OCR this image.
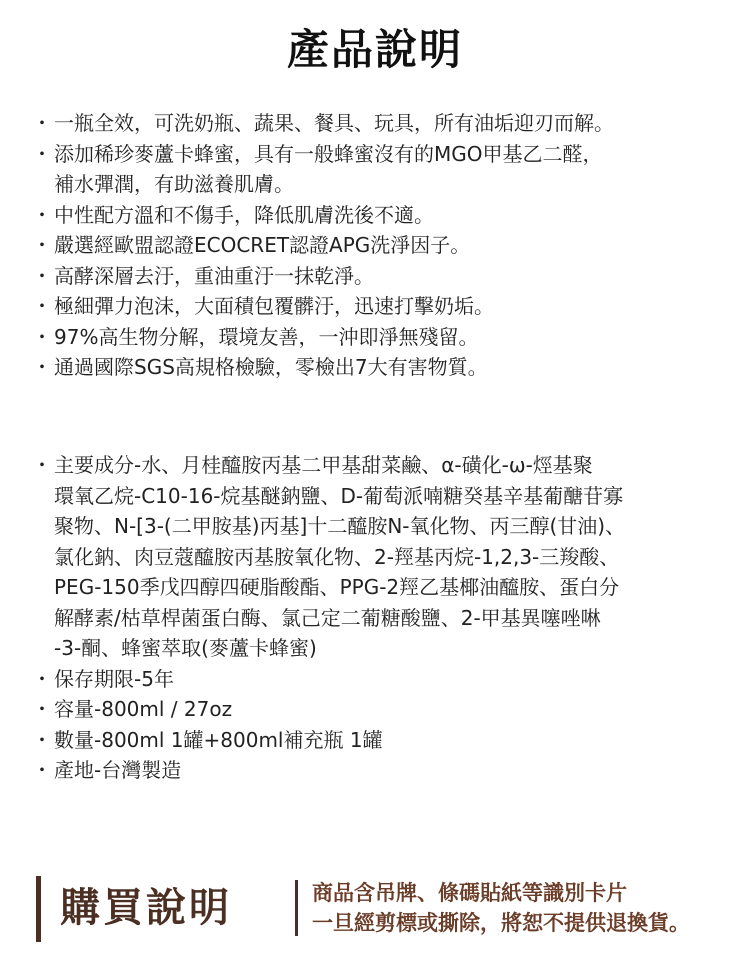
產品說明
・ 一瓶全效，可洗奶瓶、蔬果、餐具、玩具，所有油垢迎刃而解。
・ 添加稀珍麥蘆卡蜂蜜，具有一般蜂蜜沒有的MGO甲基乙二醛，
補水彈潤，有助滋養肌膚。
・ 中性配方溫和不傷手，降低肌膚洗後不適。
・ 嚴選經歐盟認證ECOCRET認證APG洗淨因子。
・ 高酵深層去汙，重油重汙一抹乾淨。
・ 極細彈力泡沫，大面積包覆髒汙，迅速打擊奶垢。
・ 97%高生物分解，環境友善，一沖即淨無殘留。
・ 通過國際SGS高規格檢驗，零檢出7大有害物質。
・ 主要成分-水、月桂醯胺丙基二甲基甜菜鹼、α-磺化-ω-烴基聚
環氧乙烷-C10-16-烷基醚鈉鹽、D-葡萄派喃糖癸基辛基葡醣苷寡
聚物、N-[3-(二甲胺基)丙基]十二醯胺N-氧化物、丙三醇(甘油)、
氯化鈉、肉豆蔻醯胺丙基胺氧化物、2-羥基丙烷-1,2,3-三羧酸、
PEG-150季戊四醇四硬脂酸酯、PPG-2羥乙基椰油醯胺、蛋白分
解酵素/枯草桿菌蛋白酶、氯己定二葡糖酸鹽、2-甲基異噻唑啉
-3-酮、蜂蜜萃取(麥蘆卡蜂蜜)
・ 保存期限-5年
・ 容量-800ml / 27oz
・ 數量-800ml 1罐+800ml補充瓶 1罐
・ 產地-台灣製造
購買說明	商品含吊牌、條碼貼紙等識別卡片
一旦經剪標或撕除，將恕不提供退換貨。
